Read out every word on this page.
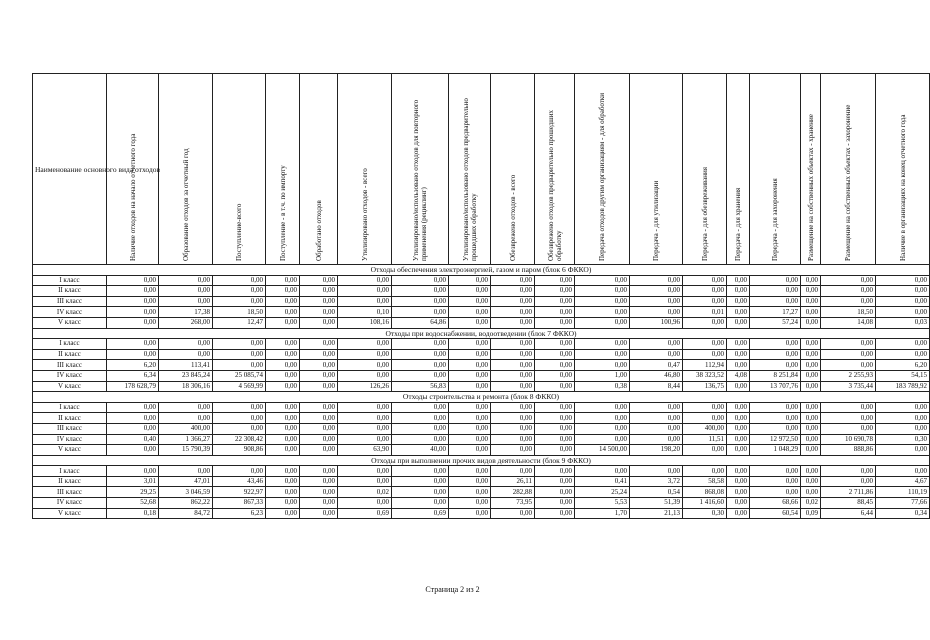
Наименование основного вида отходов	Наличие отходов на начало отчетного года	Образование отходов за отчетный год	Поступление-всего	Поступление - в т.ч. по импорту	Обработано отходов	Утилизировано отходов - всего	Утилизировано/использовано отходов для повторного применения (рециклинг)	Утилизировано/использовано отходов предварительно прошедших обработку	Обезврежено отходов - всего	Обезврежено отходов предварительно прошедших обработку	Передача отходов другим организациям - для обработки	Передача - для утилизации	Передача - для обезвреживания	Передача - для хранения	Передача - для захоронения	Размещение на собственных объектах - хранение	Размещение на собственных объектах - захоронение	Наличие в организациях на конец отчетного года
Отходы обеспечения электроэнергией, газом и паром (блок 6 ФККО)																		
I класс	0,00	0,00	0,00	0,00	0,00	0,00	0,00	0,00	0,00	0,00	0,00	0,00	0,00	0,00	0,00	0,00	0,00	0,00
II класс	0,00	0,00	0,00	0,00	0,00	0,00	0,00	0,00	0,00	0,00	0,00	0,00	0,00	0,00	0,00	0,00	0,00	0,00
III класс	0,00	0,00	0,00	0,00	0,00	0,00	0,00	0,00	0,00	0,00	0,00	0,00	0,00	0,00	0,00	0,00	0,00	0,00
IV класс	0,00	17,38	18,50	0,00	0,00	0,10	0,00	0,00	0,00	0,00	0,00	0,00	0,01	0,00	17,27	0,00	18,50	0,00
V класс	0,00	268,00	12,47	0,00	0,00	108,16	64,86	0,00	0,00	0,00	0,00	100,96	0,00	0,00	57,24	0,00	14,08	0,03
Отходы при водоснабжении, водоотведении (блок 7 ФККО)																		
I класс	0,00	0,00	0,00	0,00	0,00	0,00	0,00	0,00	0,00	0,00	0,00	0,00	0,00	0,00	0,00	0,00	0,00	0,00
II класс	0,00	0,00	0,00	0,00	0,00	0,00	0,00	0,00	0,00	0,00	0,00	0,00	0,00	0,00	0,00	0,00	0,00	0,00
III класс	6,20	113,41	0,00	0,00	0,00	0,00	0,00	0,00	0,00	0,00	0,00	0,47	112,94	0,00	0,00	0,00	0,00	6,20
IV класс	6,34	23 845,24	25 085,74	0,00	0,00	0,00	0,00	0,00	0,00	0,00	1,00	46,80	38 323,52	4,08	8 251,84	0,00	2 255,93	54,15
V класс	178 628,79	18 306,16	4 569,99	0,00	0,00	126,26	56,83	0,00	0,00	0,00	0,38	8,44	136,75	0,00	13 707,76	0,00	3 735,44	183 789,92
Отходы строительства и ремонта (блок 8 ФККО)																		
I класс	0,00	0,00	0,00	0,00	0,00	0,00	0,00	0,00	0,00	0,00	0,00	0,00	0,00	0,00	0,00	0,00	0,00	0,00
II класс	0,00	0,00	0,00	0,00	0,00	0,00	0,00	0,00	0,00	0,00	0,00	0,00	0,00	0,00	0,00	0,00	0,00	0,00
III класс	0,00	400,00	0,00	0,00	0,00	0,00	0,00	0,00	0,00	0,00	0,00	0,00	400,00	0,00	0,00	0,00	0,00	0,00
IV класс	0,40	1 366,27	22 308,42	0,00	0,00	0,00	0,00	0,00	0,00	0,00	0,00	0,00	11,51	0,00	12 972,50	0,00	10 690,78	0,30
V класс	0,00	15 790,39	908,86	0,00	0,00	63,90	40,00	0,00	0,00	0,00	14 500,00	198,20	0,00	0,00	1 048,29	0,00	888,86	0,00
Отходы при выполнении прочих видов деятельности (блок 9 ФККО)																		
I класс	0,00	0,00	0,00	0,00	0,00	0,00	0,00	0,00	0,00	0,00	0,00	0,00	0,00	0,00	0,00	0,00	0,00	0,00
II класс	3,01	47,01	43,46	0,00	0,00	0,00	0,00	0,00	26,11	0,00	0,41	3,72	58,58	0,00	0,00	0,00	0,00	4,67
III класс	29,25	3 046,59	922,97	0,00	0,00	0,02	0,00	0,00	282,88	0,00	25,24	0,54	868,08	0,00	0,00	0,00	2 711,86	110,19
IV класс	52,68	862,22	867,33	0,00	0,00	0,00	0,00	0,00	73,95	0,00	5,53	51,39	1 416,60	0,00	68,66	0,02	88,45	77,66
V класс	0,18	84,72	6,23	0,00	0,00	0,69	0,69	0,00	0,00	0,00	1,70	21,13	0,30	0,00	60,54	0,09	6,44	0,34
Страница 2 из 2
